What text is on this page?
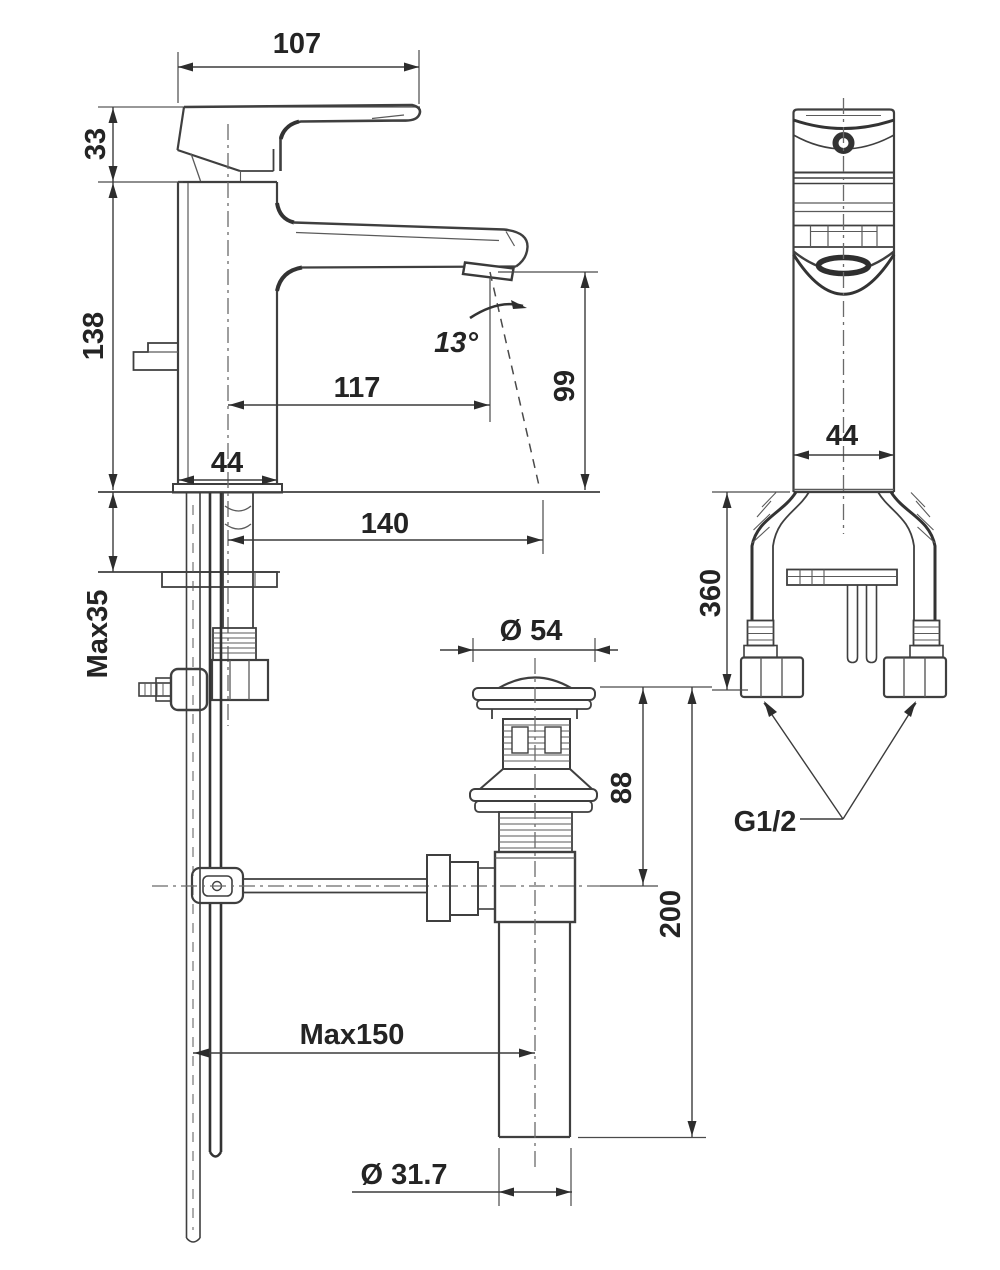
107
33
138
44
117
13°
99
140
Max35	Ø 54
88
200
Max150
Ø 31.7
44
360
G1/2
